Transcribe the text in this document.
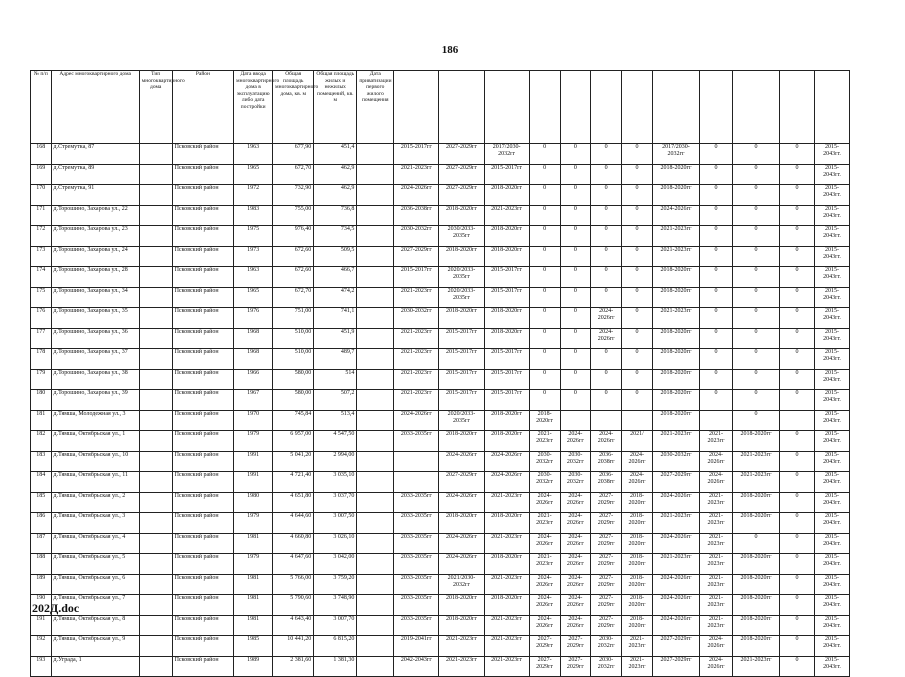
186
№ п/п	Адрес многоквартирного дома	Тип многоквартирного дома	Район	Дата ввода многоквартирного дома в эксплуатацию либо дата постройки	Общая площадь многоквартирного дома, кв. м	Общая площадь жилых и нежилых помещений, кв. м	Дата приватизации первого жилого помещения												
168	д.Стремутка, 87		Псковский район	1963	677,90	451,4		2015-2017гг	2027-2029гг	2017/2030-2032гг	0	0	0	0	2017/2030-2032гг	0	0	0	2015-2043гг.
169	д.Стремутка, 89		Псковский район	1965	672,70	462,9		2021-2023гг	2027-2029гг	2015-2017гг	0	0	0	0	2018-2020гг	0	0	0	2015-2043гг.
170	д.Стремутка, 91		Псковский район	1972	732,90	462,9		2024-2026гг	2027-2029гг	2018-2020гг	0	0	0	0	2018-2020гг	0	0	0	2015-2043гг.
171	д.Торошино, Захарова ул., 22		Псковский район	1983	755,00	736,8		2036-2038гг	2018-2020гг	2021-2023гг	0	0	0	0	2024-2026гг	0	0	0	2015-2043гг.
172	д.Торошино, Захарова ул., 23		Псковский район	1975	976,40	734,5		2030-2032гг	2030/2033-2035гг	2018-2020гг	0	0	0	0	2021-2023гг	0	0	0	2015-2043гг.
173	д.Торошино, Захарова ул., 24		Псковский район	1973	672,60	509,5		2027-2029гг	2018-2020гг	2018-2020гг	0	0	0	0	2021-2023гг	0	0	0	2015-2043гг.
174	д.Торошино, Захарова ул., 28		Псковский район	1963	672,60	466,7		2015-2017гг	2020/2033-2035гг	2015-2017гг	0	0	0	0	2018-2020гг	0	0	0	2015-2043гг.
175	д.Торошино, Захарова ул., 34		Псковский район	1965	672,70	474,2		2021-2023гг	2020/2033-2035гг	2015-2017гг	0	0	0	0	2018-2020гг	0	0	0	2015-2043гг.
176	д.Торошино, Захарова ул., 35		Псковский район	1976	751,00	741,1		2030-2032гг	2018-2020гг	2018-2020гг	0	0	2024-2026гг	0	2021-2023гг	0	0	0	2015-2043гг.
177	д.Торошино, Захарова ул., 36		Псковский район	1968	510,00	451,9		2021-2023гг	2015-2017гг	2018-2020гг	0	0	2024-2026гг	0	2018-2020гг	0	0	0	2015-2043гг.
178	д.Торошино, Захарова ул., 37		Псковский район	1968	510,00	489,7		2021-2023гг	2015-2017гг	2015-2017гг	0	0	0	0	2018-2020гг	0	0	0	2015-2043гг.
179	д.Торошино, Захарова ул., 38		Псковский район	1966	580,00	514		2021-2023гг	2015-2017гг	2015-2017гг	0	0	0	0	2018-2020гг	0	0	0	2015-2043гг.
180	д.Торошино, Захарова ул., 39		Псковский район	1967	580,00	507,2		2021-2023гг	2015-2017гг	2015-2017гг	0	0	0	0	2018-2020гг	0	0	0	2015-2043гг.
181	д.Тямша, Молодежная ул., 3		Псковский район	1970	745,84	513,4		2024-2026гг	2020/2033-2035гг	2018-2020гг	2018-2020гг				2018-2020гг		0		2015-2043гг.
182	д.Тямша, Октябрьская ул., 1		Псковский район	1979	6 957,00	4 547,50		2033-2035гг	2018-2020гг	2018-2020гг	2021-2023гг	2024-2026гг	2024-2026гг	2021/	2021-2023гг	2021-2023гг	2018-2020гг	0	2015-2043гг.
183	д.Тямша, Октябрьская ул., 10		Псковский район	1991	5 041,20	2 994,00			2024-2026гг	2024-2026гг	2030-2032гг	2030-2032гг	2036-2038гг	2024-2026гг	2030-2032гг	2024-2026гг	2021-2023гг	0	2015-2043гг.
184	д.Тямша, Октябрьская ул., 11		Псковский район	1991	4 721,40	3 035,10			2027-2029гг	2024-2026гг	2030-2032гг	2030-2032гг	2036-2038гг	2024-2026гг	2027-2029гг	2024-2026гг	2021-2023гг	0	2015-2043гг.
185	д.Тямша, Октябрьская ул., 2		Псковский район	1980	4 651,80	3 037,70		2033-2035гг	2024-2026гг	2021-2023гг	2024-2026гг	2024-2026гг	2027-2029гг	2018-2020гг	2024-2026гг	2021-2023гг	2018-2020гг	0	2015-2043гг.
186	д.Тямша, Октябрьская ул., 3		Псковский район	1979	4 644,60	3 007,50		2033-2035гг	2018-2020гг	2018-2020гг	2021-2023гг	2024-2026гг	2027-2029гг	2018-2020гг	2021-2023гг	2021-2023гг	2018-2020гг	0	2015-2043гг.
187	д.Тямша, Октябрьская ул., 4		Псковский район	1981	4 660,80	3 026,10		2033-2035гг	2024-2026гг	2021-2023гг	2024-2026гг	2024-2026гг	2027-2029гг	2018-2020гг	2024-2026гг	2021-2023гг	0	0	2015-2043гг.
188	д.Тямша, Октябрьская ул., 5		Псковский район	1979	4 647,60	3 042,00		2033-2035гг	2024-2026гг	2018-2020гг	2021-2023гг	2024-2026гг	2027-2029гг	2018-2020гг	2021-2023гг	2021-2023гг	2018-2020гг	0	2015-2043гг.
189	д.Тямша, Октябрьская ул., 6		Псковский район	1981	5 766,00	3 759,20		2033-2035гг	2021/2030-2032гг	2021-2023гг	2024-2026гг	2024-2026гг	2027-2029гг	2018-2020гг	2024-2026гг	2021-2023гг	2018-2020гг	0	2015-2043гг.
190	д.Тямша, Октябрьская ул., 7		Псковский район	1981	5 790,60	3 748,90		2033-2035гг	2018-2020гг	2018-2020гг	2024-2026гг	2024-2026гг	2027-2029гг	2018-2020гг	2024-2026гг	2021-2023гг	2018-2020гг	0	2015-2043гг.
191	д.Тямша, Октябрьская ул., 8		Псковский район	1981	4 643,40	3 007,70		2033-2035гг	2018-2020гг	2021-2023гг	2024-2026гг	2024-2026гг	2027-2029гг	2018-2020гг	2024-2026гг	2021-2023гг	2018-2020гг	0	2015-2043гг.
192	д.Тямша, Октябрьская ул., 9		Псковский район	1985	10 441,20	6 815,20		2019-2041гг	2021-2023гг	2021-2023гг	2027-2029гг	2027-2029гг	2030-2032гг	2021-2023гг	2027-2029гг	2024-2026гг	2018-2020гг	0	2015-2043гг.
193	д.Уграда, 1		Псковский район	1989	2 381,60	1 381,30		2042-2043гг	2021-2023гг	2021-2023гг	2027-2029гг	2027-2029гг	2030-2032гг	2021-2023гг	2027-2029гг	2024-2026гг	2021-2023гг	0	2015-2043гг.
202Д.doc
